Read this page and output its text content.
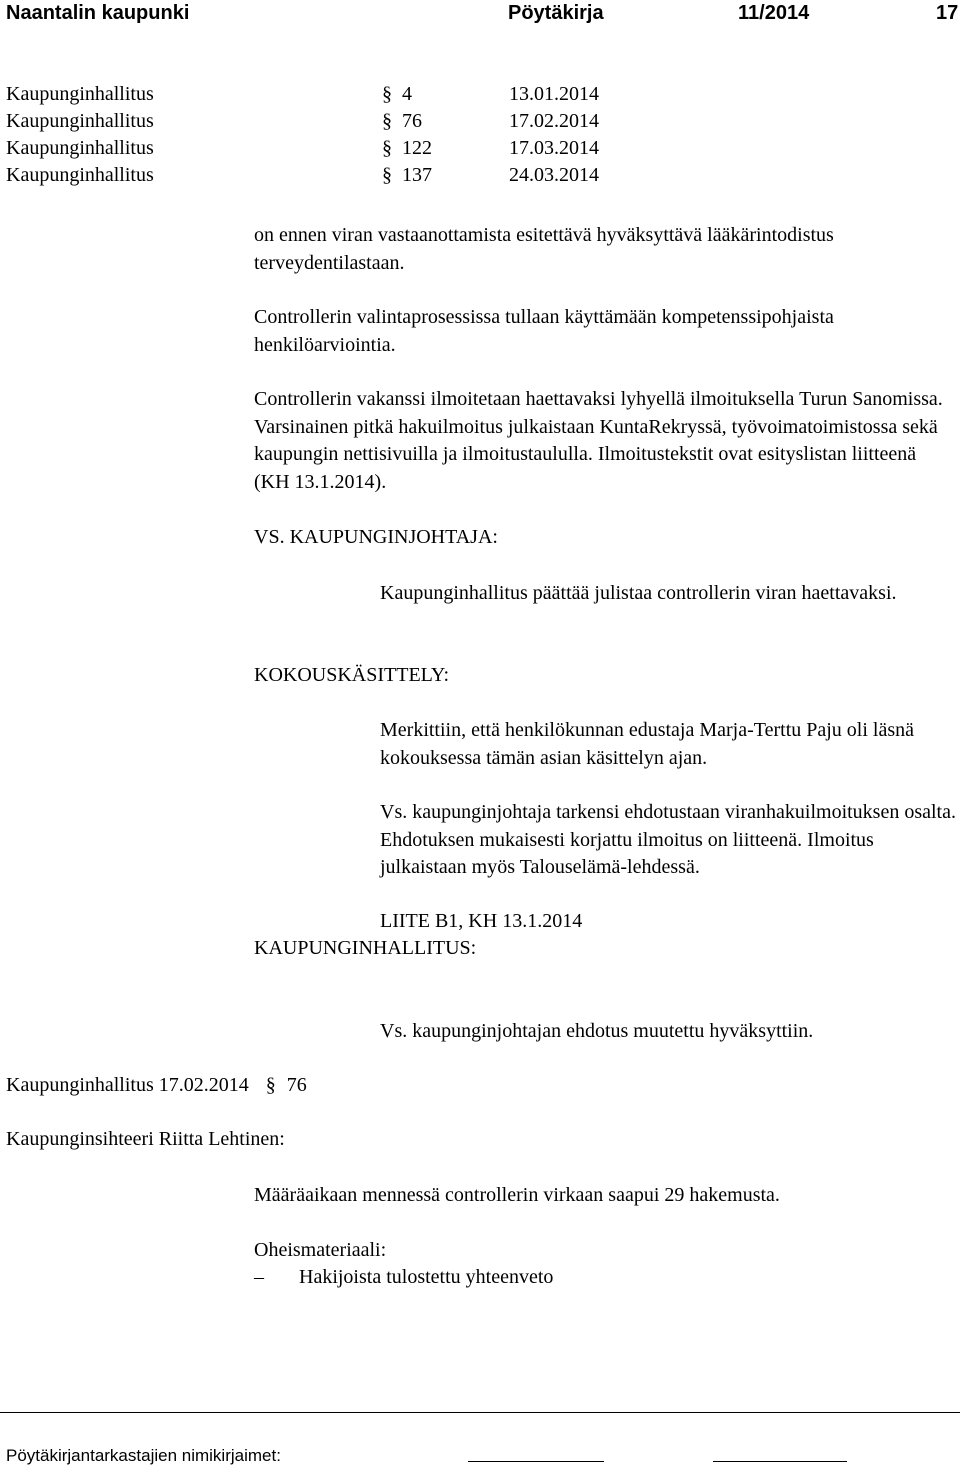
Naantalin kaupunki	Pöytäkirja	11/2014	17
Kaupunginhallitus	§ 4	13.01.2014
Kaupunginhallitus	§ 76	17.02.2014
Kaupunginhallitus	§ 122	17.03.2014
Kaupunginhallitus	§ 137	24.03.2014

on ennen viran vastaanottamista esitettävä hyväksyttävä lääkärintodistus terveydentilastaan.

Controllerin valintaprosessissa tullaan käyttämään kompetenssipohjaista henkilöarviointia.

Controllerin vakanssi ilmoitetaan haettavaksi lyhyellä ilmoituksella Turun Sanomissa. Varsinainen pitkä hakuilmoitus julkaistaan KuntaRekryssä, työvoimatoimistossa sekä kaupungin nettisivuilla ja ilmoitustaululla. Ilmoitustekstit ovat esityslistan liitteenä (KH 13.1.2014).

VS. KAUPUNGINJOHTAJA:

Kaupunginhallitus päättää julistaa controllerin viran haettavaksi.

KOKOUSKÄSITTELY:

Merkittiin, että henkilökunnan edustaja Marja-Terttu Paju oli läsnä kokouksessa tämän asian käsittelyn ajan.

Vs. kaupunginjohtaja tarkensi ehdotustaan viranhakuilmoituksen osalta. Ehdotuksen mukaisesti korjattu ilmoitus on liitteenä. Ilmoitus julkaistaan myös Talouselämä-lehdessä.

LIITE B1, KH 13.1.2014
KAUPUNGINHALLITUS:
Vs. kaupunginjohtajan ehdotus muutettu hyväksyttiin.
Kaupunginhallitus 17.02.2014 § 76
Kaupunginsihteeri Riitta Lehtinen:
Määräaikaan mennessä controllerin virkaan saapui 29 hakemusta.
Oheismateriaali:
– Hakijoista tulostettu yhteenveto
Pöytäkirjantarkastajien nimikirjaimet:
